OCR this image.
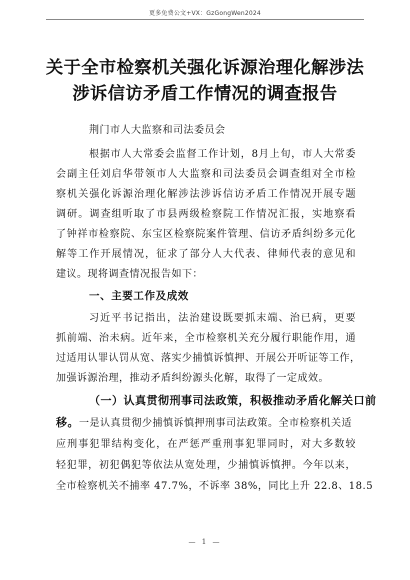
更多免费公文+VX：GzGongWen2024
关于全市检察机关强化诉源治理化解涉法
涉诉信访矛盾工作情况的调查报告
荆门市人大监察和司法委员会
根据市人大常委会监督工作计划，8月上旬，市人大常委
会副主任刘启华带领市人大监察和司法委员会调查组对全市检
察机关强化诉源治理化解涉法涉诉信访矛盾工作情况开展专题
调研。调查组听取了市县两级检察院工作情况汇报，实地察看
了钟祥市检察院、东宝区检察院案件管理、信访矛盾纠纷多元化
解等工作开展情况，征求了部分人大代表、律师代表的意见和
建议。现将调查情况报告如下：
一、主要工作及成效
习近平书记指出，法治建设既要抓末端、治已病，更要
抓前端、治未病。近年来，全市检察机关充分履行职能作用，通
过适用认罪认罚从宽、落实少捕慎诉慎押、开展公开听证等工作，
加强诉源治理，推动矛盾纠纷源头化解，取得了一定成效。
（一）认真贯彻刑事司法政策，积极推动矛盾化解关口前
移。一是认真贯彻少捕慎诉慎押刑事司法政策。全市检察机关适
应刑事犯罪结构变化，在严惩严重刑事犯罪同时，对大多数较
轻犯罪，初犯偶犯等依法从宽处理，少捕慎诉慎押。今年以来，
全市检察机关不捕率 47.7%，不诉率 38%，同比上升 22.8、18.5
— 1 —
